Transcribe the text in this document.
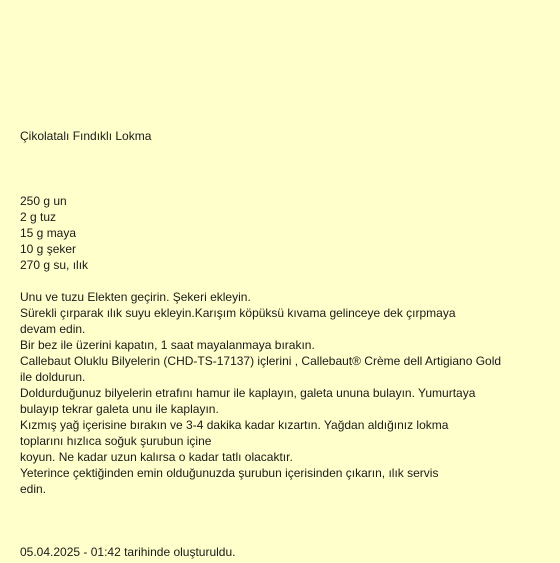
Çikolatalı Fındıklı Lokma
250 g un
2 g tuz
15 g maya
10 g şeker
270 g su, ılık
Unu ve tuzu Elekten geçirin. Şekeri ekleyin.
Sürekli çırparak ılık suyu ekleyin.Karışım köpüksü kıvama gelinceye dek çırpmaya
devam edin.
Bir bez ile üzerini kapatın, 1 saat mayalanmaya bırakın.
Callebaut Oluklu Bilyelerin (CHD-TS-17137) içlerini , Callebaut® Crème dell Artigiano Gold
ile doldurun.
Doldurduğunuz bilyelerin etrafını hamur ile kaplayın, galeta ununa bulayın. Yumurtaya
bulayıp tekrar galeta unu ile kaplayın.
Kızmış yağ içerisine bırakın ve 3-4 dakika kadar kızartın. Yağdan aldığınız lokma
toplarını hızlıca soğuk şurubun içine
koyun. Ne kadar uzun kalırsa o kadar tatlı olacaktır.
Yeterince çektiğinden emin olduğunuzda şurubun içerisinden çıkarın, ılık servis
edin.
05.04.2025 - 01:42 tarihinde oluşturuldu.
